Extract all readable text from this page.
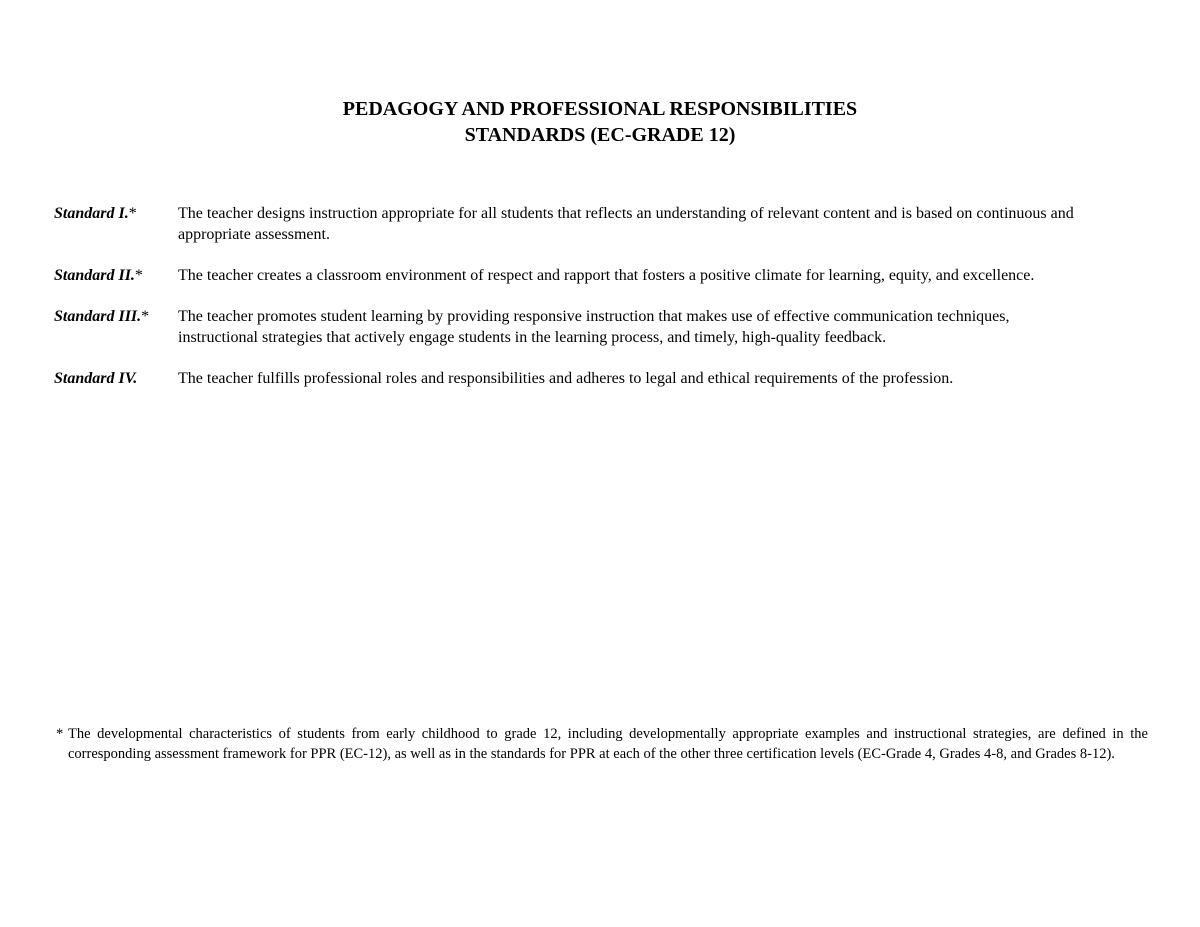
PEDAGOGY AND PROFESSIONAL RESPONSIBILITIES
STANDARDS (EC-GRADE 12)
Standard I.*	The teacher designs instruction appropriate for all students that reflects an understanding of relevant content and is based on continuous and appropriate assessment.
Standard II.*	The teacher creates a classroom environment of respect and rapport that fosters a positive climate for learning, equity, and excellence.
Standard III.*	The teacher promotes student learning by providing responsive instruction that makes use of effective communication techniques, instructional strategies that actively engage students in the learning process, and timely, high-quality feedback.
Standard IV.	The teacher fulfills professional roles and responsibilities and adheres to legal and ethical requirements of the profession.
* The developmental characteristics of students from early childhood to grade 12, including developmentally appropriate examples and instructional strategies, are defined in the corresponding assessment framework for PPR (EC-12), as well as in the standards for PPR at each of the other three certification levels (EC-Grade 4, Grades 4-8, and Grades 8-12).
